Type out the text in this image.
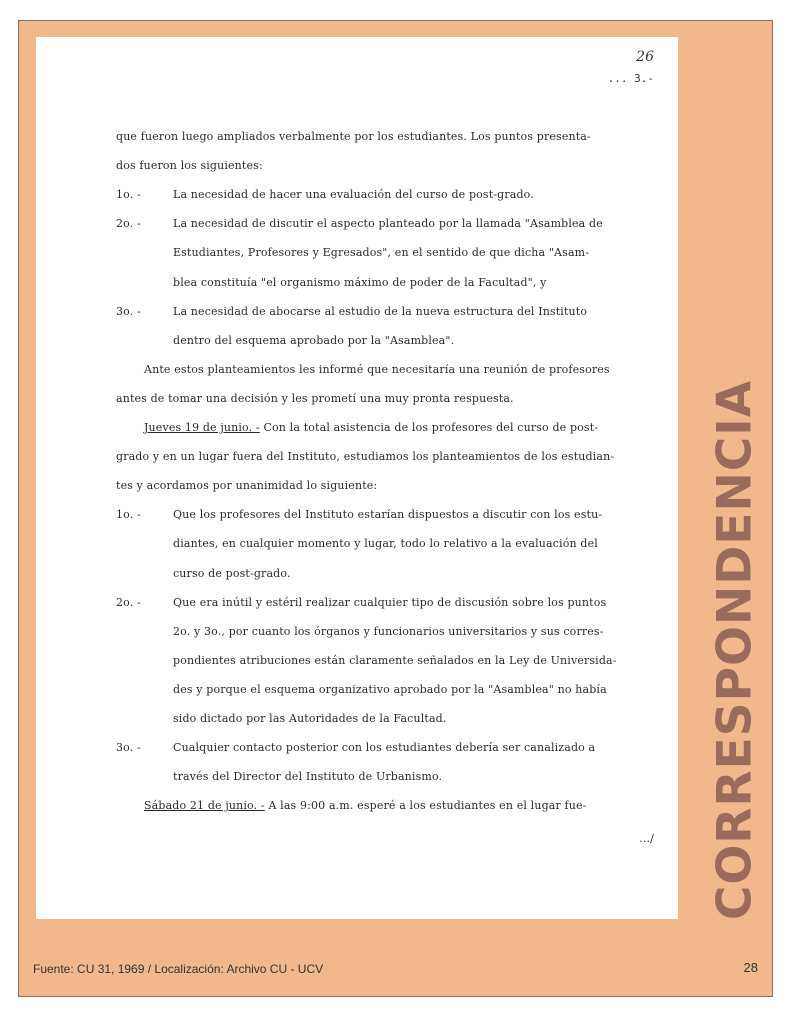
26
... 3.-
que fueron luego ampliados verbalmente por los estudiantes. Los puntos presenta-
dos fueron los siguientes:
1o. -	La necesidad de hacer una evaluación del curso de post-grado.
2o. -	La necesidad de discutir el aspecto planteado por la llamada "Asamblea de
Estudiantes, Profesores y Egresados", en el sentido de que dicha "Asam-
blea constituía "el organismo máximo de poder de la Facultad", y
3o. -	La necesidad de abocarse al estudio de la nueva estructura del Instituto
dentro del esquema aprobado por la "Asamblea".
Ante estos planteamientos les informé que necesitaría una reunión de profesores
antes de tomar una decisión y les prometí una muy pronta respuesta.
Jueves 19 de junio. - Con la total asistencia de los profesores del curso de post-
grado y en un lugar fuera del Instituto, estudiamos los planteamientos de los estudian-
tes y acordamos por unanimidad lo siguiente:
1o. -	Que los profesores del Instituto estarían dispuestos a discutir con los estu-
diantes, en cualquier momento y lugar, todo lo relativo a la evaluación del
curso de post-grado.
2o. -	Que era inútil y estéril realizar cualquier tipo de discusión sobre los puntos
2o. y 3o., por cuanto los órganos y funcionarios universitarios y sus corres-
pondientes atribuciones están claramente señalados en la Ley de Universida-
des y porque el esquema organizativo aprobado por la "Asamblea" no había
sido dictado por las Autoridades de la Facultad.
3o. -	Cualquier contacto posterior con los estudiantes debería ser canalizado a
través del Director del Instituto de Urbanismo.
Sábado 21 de junio. - A las 9:00 a.m. esperé a los estudiantes en el lugar fue-
.../ CORRESPONDENCIA
Fuente: CU 31, 1969 / Localización: Archivo CU - UCV	28
